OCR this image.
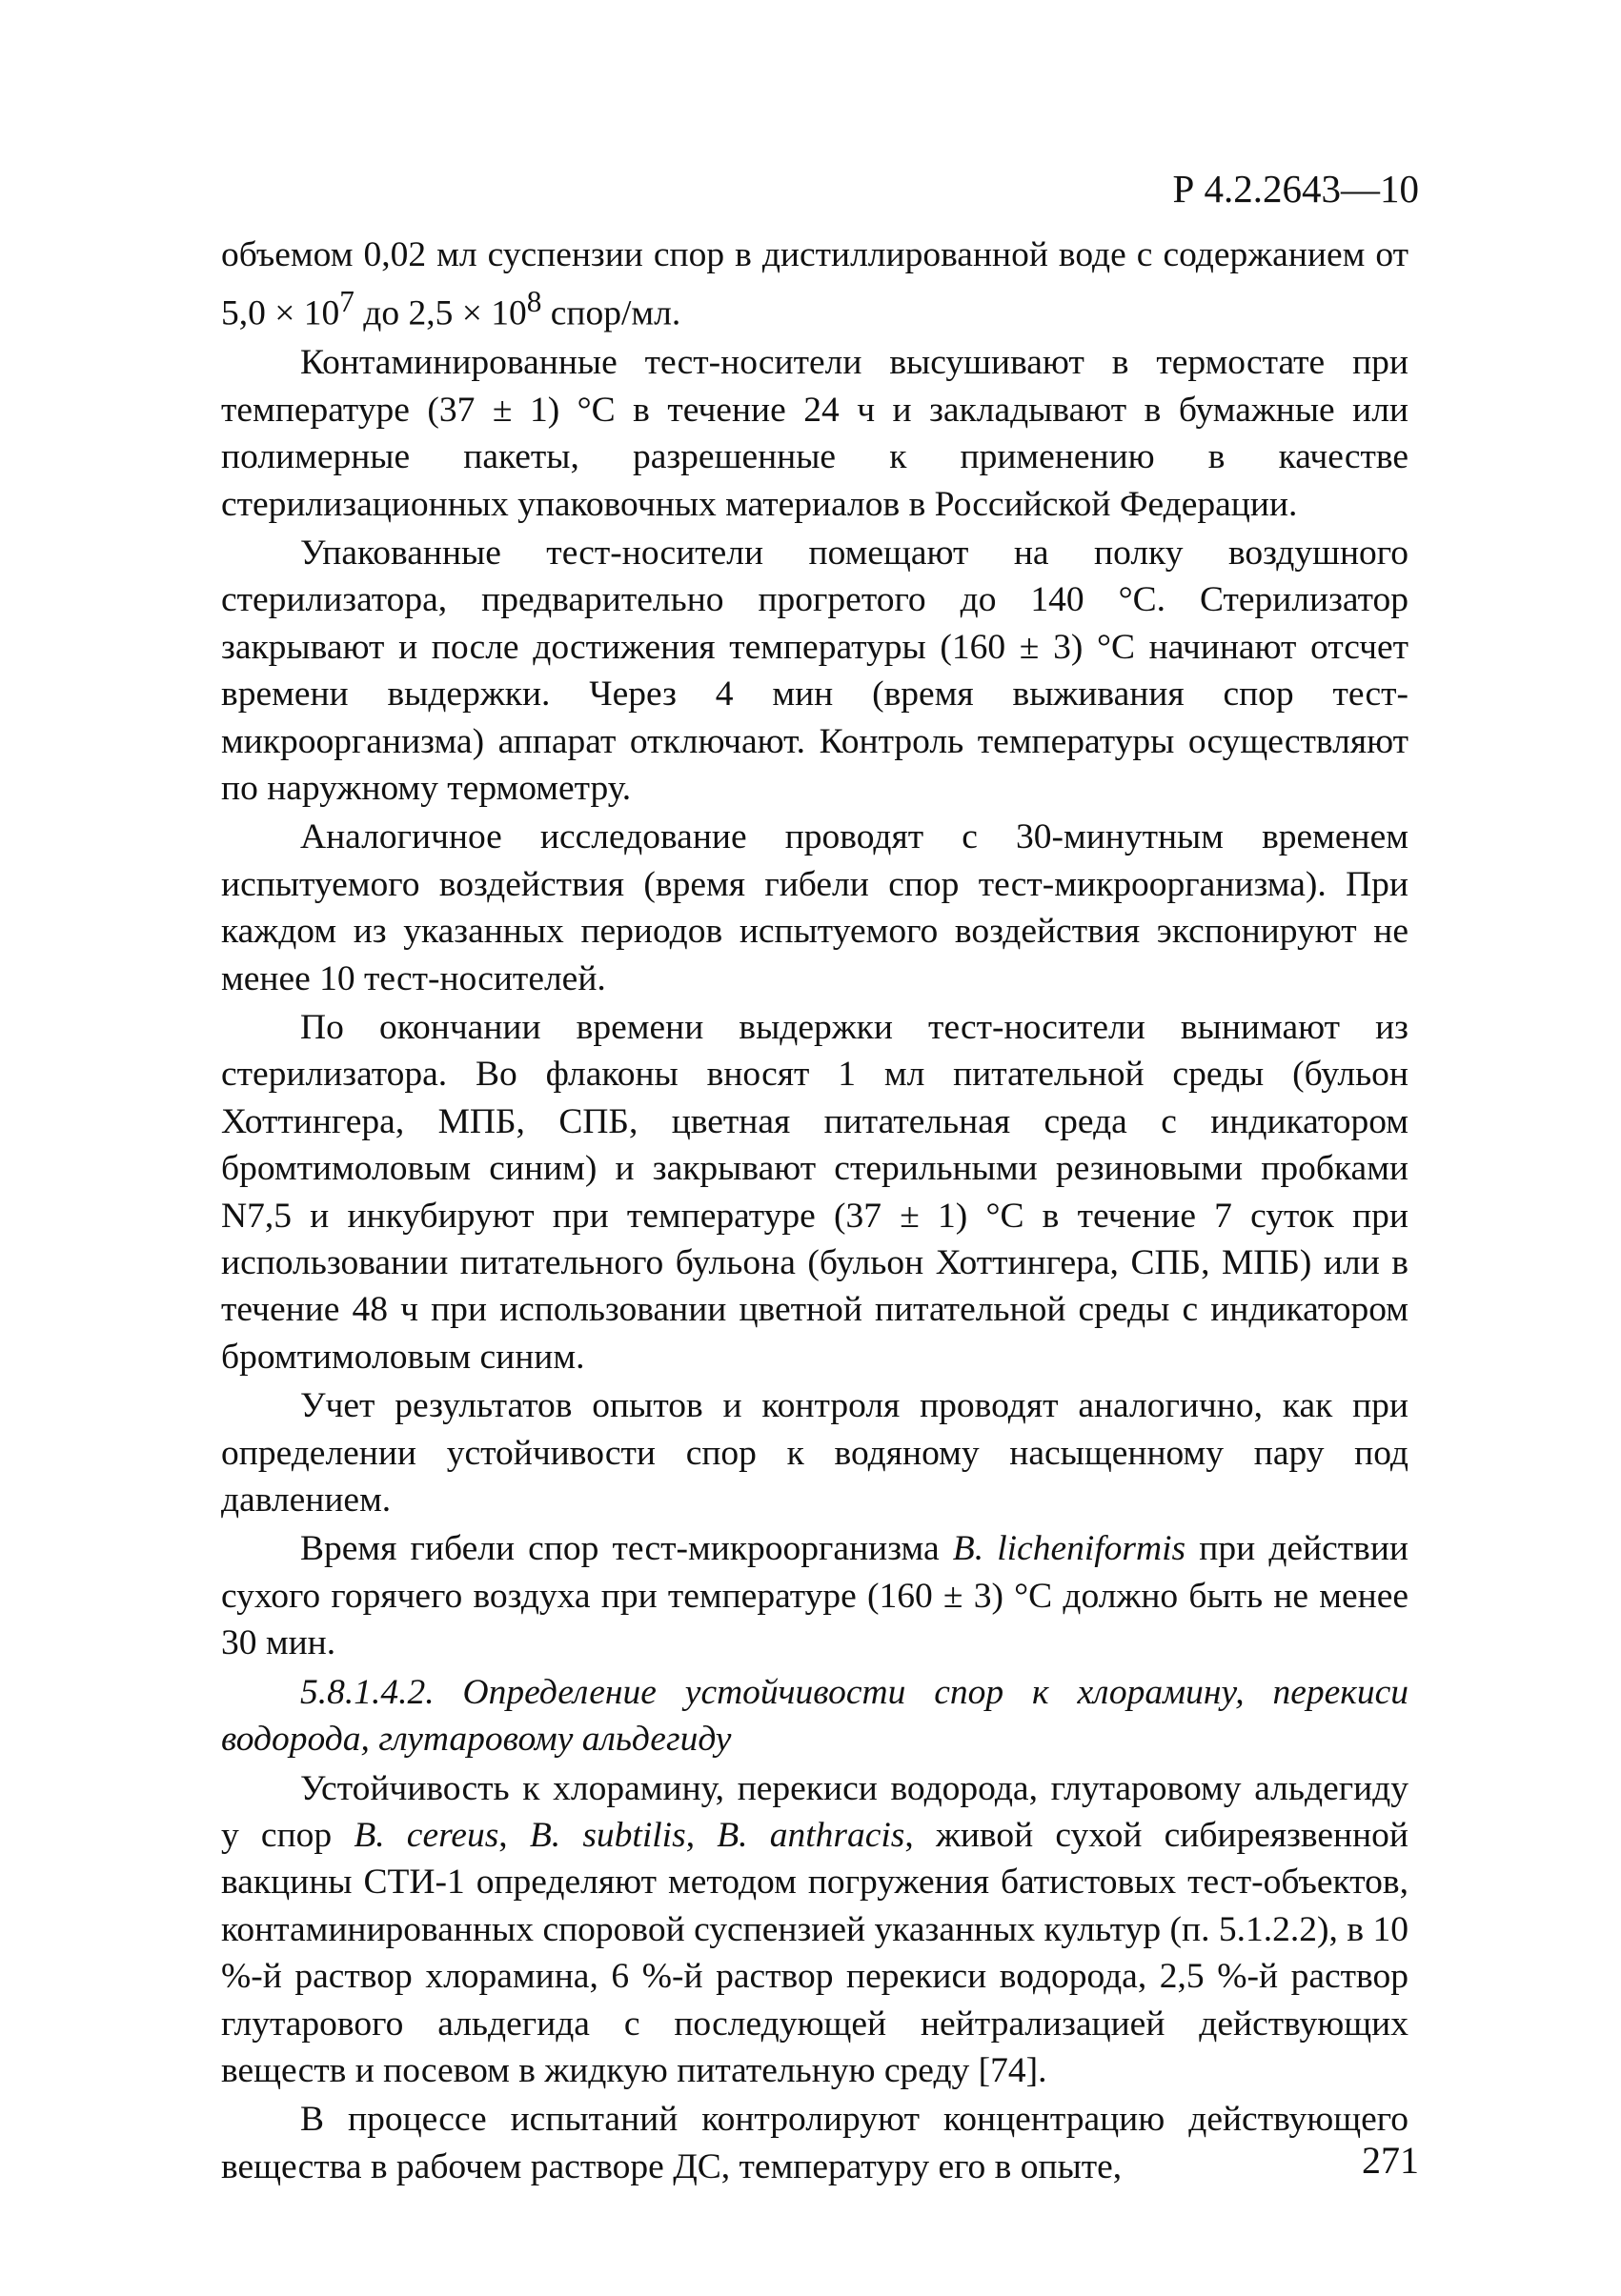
Р 4.2.2643—10

объемом 0,02 мл суспензии спор в дистиллированной воде с содержанием от $5,0 \times 10^7$ до $2,5 \times 10^8$ спор/мл.

Контаминированные тест-носители высушивают в термостате при температуре (37 ± 1) °С в течение 24 ч и закладывают в бумажные или полимерные пакеты, разрешенные к применению в качестве стерилизационных упаковочных материалов в Российской Федерации.

Упакованные тест-носители помещают на полку воздушного стерилизатора, предварительно прогретого до 140 °С. Стерилизатор закрывают и после достижения температуры (160 ± 3) °С начинают отсчет времени выдержки. Через 4 мин (время выживания спор тест-микроорганизма) аппарат отключают. Контроль температуры осуществляют по наружному термометру.

Аналогичное исследование проводят с 30-минутным временем испытуемого воздействия (время гибели спор тест-микроорганизма). При каждом из указанных периодов испытуемого воздействия экспонируют не менее 10 тест-носителей.

По окончании времени выдержки тест-носители вынимают из стерилизатора. Во флаконы вносят 1 мл питательной среды (бульон Хоттингера, МПБ, СПБ, цветная питательная среда с индикатором бромтимоловым синим) и закрывают стерильными резиновыми пробками N7,5 и инкубируют при температуре (37 ± 1) °С в течение 7 суток при использовании питательного бульона (бульон Хоттингера, СПБ, МПБ) или в течение 48 ч при использовании цветной питательной среды с индикатором бромтимоловым синим.

Учет результатов опытов и контроля проводят аналогично, как при определении устойчивости спор к водяному насыщенному пару под давлением.

Время гибели спор тест-микроорганизма B. licheniformis при действии сухого горячего воздуха при температуре (160 ± 3) °С должно быть не менее 30 мин.

5.8.1.4.2. Определение устойчивости спор к хлорамину, перекиси водорода, глутаровому альдегиду

Устойчивость к хлорамину, перекиси водорода, глутаровому альдегиду у спор B. cereus, B. subtilis, B. anthracis, живой сухой сибиреязвенной вакцины СТИ-1 определяют методом погружения батистовых тест-объектов, контаминированных споровой суспензией указанных культур (п. 5.1.2.2), в 10 %-й раствор хлорамина, 6 %-й раствор перекиси водорода, 2,5 %-й раствор глутарового альдегида с последующей нейтрализацией действующих веществ и посевом в жидкую питательную среду [74].

В процессе испытаний контролируют концентрацию действующего вещества в рабочем растворе ДС, температуру его в опыте,	271
